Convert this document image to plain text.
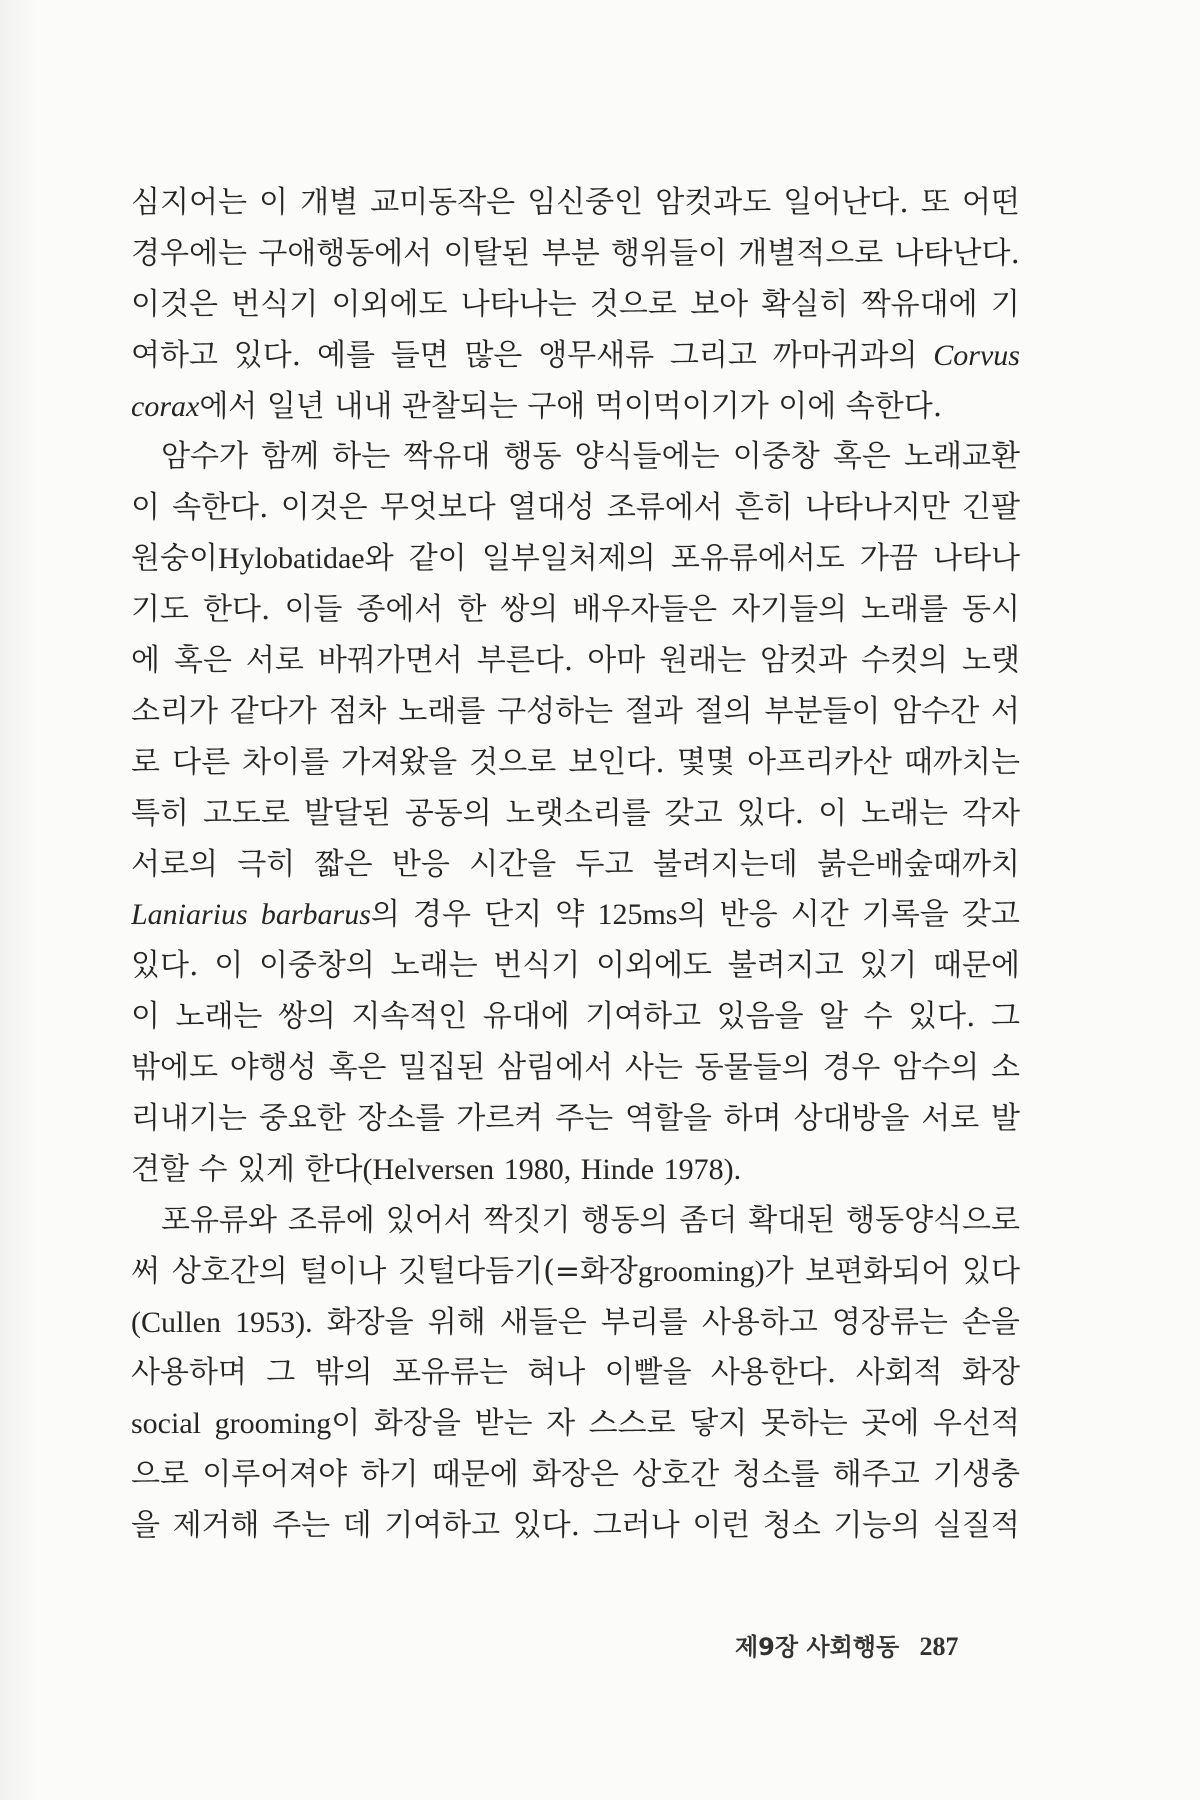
심지어는 이 개별 교미동작은 임신중인 암컷과도 일어난다. 또 어떤
경우에는 구애행동에서 이탈된 부분 행위들이 개별적으로 나타난다.
이것은 번식기 이외에도 나타나는 것으로 보아 확실히 짝유대에 기
여하고 있다. 예를 들면 많은 앵무새류 그리고 까마귀과의 Corvus
corax에서
일년
내내
관찰되는
구애
먹이먹이기가
이에
속한다.
암수가 함께 하는 짝유대 행동 양식들에는 이중창 혹은 노래교환
이 속한다. 이것은 무엇보다 열대성 조류에서 흔히 나타나지만 긴팔
원숭이Hylobatidae와 같이 일부일처제의 포유류에서도 가끔 나타나
기도 한다. 이들 종에서 한 쌍의 배우자들은 자기들의 노래를 동시
에 혹은 서로 바꿔가면서 부른다. 아마 원래는 암컷과 수컷의 노랫
소리가 같다가 점차 노래를 구성하는 절과 절의 부분들이 암수간 서
로 다른 차이를 가져왔을 것으로 보인다. 몇몇 아프리카산 때까치는
특히 고도로 발달된 공동의 노랫소리를 갖고 있다. 이 노래는 각자
서로의 극히 짧은 반응 시간을 두고 불려지는데 붉은배숲때까치
Laniarius barbarus의 경우 단지 약 125ms의 반응 시간 기록을 갖고
있다. 이 이중창의 노래는 번식기 이외에도 불려지고 있기 때문에
이 노래는 쌍의 지속적인 유대에 기여하고 있음을 알 수 있다. 그
밖에도 야행성 혹은 밀집된 삼림에서 사는 동물들의 경우 암수의 소
리내기는 중요한 장소를 가르켜 주는 역할을 하며 상대방을 서로 발
견할
수
있게
한다(Helversen
1980,
Hinde
1978).
포유류와 조류에 있어서 짝짓기 행동의 좀더 확대된 행동양식으로
써 상호간의 털이나 깃털다듬기(=화장grooming)가 보편화되어 있다
(Cullen 1953). 화장을 위해 새들은 부리를 사용하고 영장류는 손을
사용하며 그 밖의 포유류는 혀나 이빨을 사용한다. 사회적 화장
social grooming이 화장을 받는 자 스스로 닿지 못하는 곳에 우선적
으로 이루어져야 하기 때문에 화장은 상호간 청소를 해주고 기생충
을 제거해 주는 데 기여하고 있다. 그러나 이런 청소 기능의 실질적
제9장 사회행동 287
